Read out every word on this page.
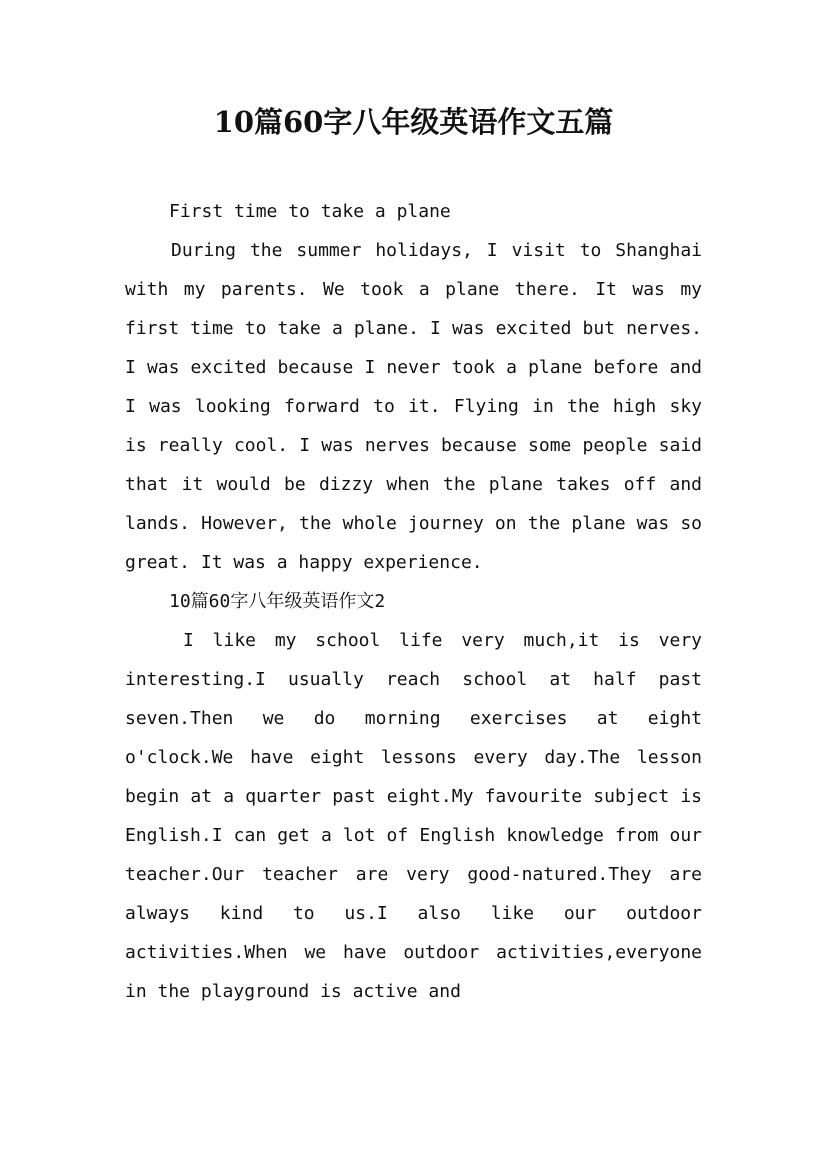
10篇60字八年级英语作文五篇

First time to take a plane

During the summer holidays, I visit to Shanghai with my parents. We took a plane there. It was my first time to take a plane. I was excited but nerves. I was excited because I never took a plane before and I was looking forward to it. Flying in the high sky is really cool. I was nerves because some people said that it would be dizzy when the plane takes off and lands. However, the whole journey on the plane was so great. It was a happy experience.

10篇60字八年级英语作文2

I like my school life very much,it is very interesting.I usually reach school at half past seven.Then we do morning exercises at eight o'clock.We have eight lessons every day.The lesson begin at a quarter past eight.My favourite subject is English.I can get a lot of English knowledge from our teacher.Our teacher are very good-natured.They are always kind to us.I also like our outdoor activities.When we have outdoor activities,everyone in the playground is active and
